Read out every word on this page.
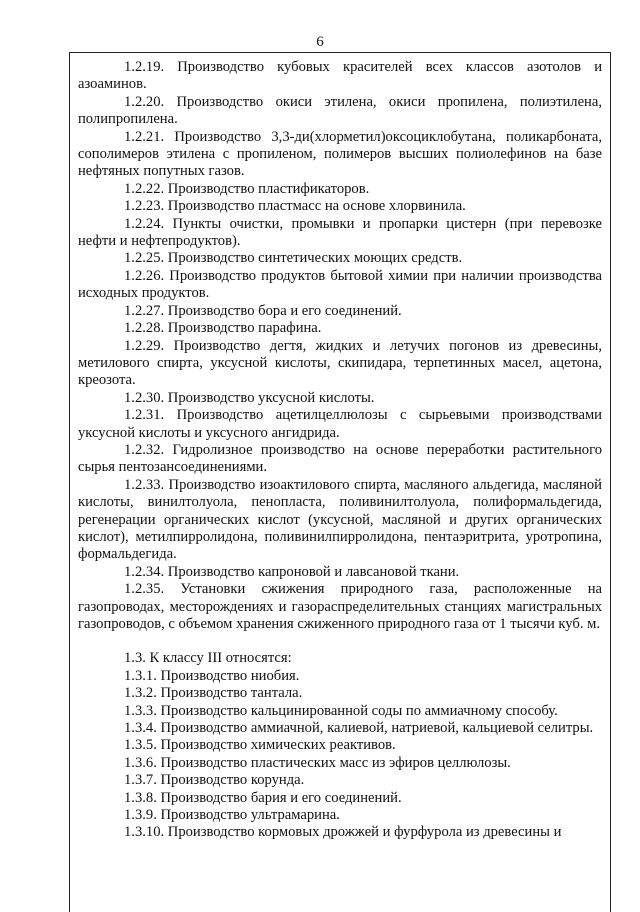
6

1.2.19. Производство кубовых красителей всех классов азотолов и азоаминов.

1.2.20. Производство окиси этилена, окиси пропилена, полиэтилена, полипропилена.

1.2.21. Производство 3,3-ди(хлорметил)оксоциклобутана, поликарбоната, сополимеров этилена с пропиленом, полимеров высших полиолефинов на базе нефтяных попутных газов.

1.2.22. Производство пластификаторов.

1.2.23. Производство пластмасс на основе хлорвинила.

1.2.24. Пункты очистки, промывки и пропарки цистерн (при перевозке нефти и нефтепродуктов).

1.2.25. Производство синтетических моющих средств.

1.2.26. Производство продуктов бытовой химии при наличии производства исходных продуктов.

1.2.27. Производство бора и его соединений.

1.2.28. Производство парафина.

1.2.29. Производство дегтя, жидких и летучих погонов из древесины, метилового спирта, уксусной кислоты, скипидара, терпетинных масел, ацетона, креозота.

1.2.30. Производство уксусной кислоты.

1.2.31. Производство ацетилцеллюлозы с сырьевыми производствами уксусной кислоты и уксусного ангидрида.

1.2.32. Гидролизное производство на основе переработки растительного сырья пентозансоединениями.

1.2.33. Производство изоактилового спирта, масляного альдегида, масляной кислоты, винилтолуола, пенопласта, поливинилтолуола, полиформальдегида, регенерации органических кислот (уксусной, масляной и других органических кислот), метилпирролидона, поливинилпирролидона, пентаэритрита, уротропина, формальдегида.

1.2.34. Производство капроновой и лавсановой ткани.

1.2.35. Установки сжижения природного газа, расположенные на газопроводах, месторождениях и газораспределительных станциях магистральных газопроводов, с объемом хранения сжиженного природного газа от 1 тысячи куб. м.

1.3. К классу III относятся:

1.3.1. Производство ниобия.

1.3.2. Производство тантала.

1.3.3. Производство кальцинированной соды по аммиачному способу.

1.3.4. Производство аммиачной, калиевой, натриевой, кальциевой селитры.

1.3.5. Производство химических реактивов.

1.3.6. Производство пластических масс из эфиров целлюлозы.

1.3.7. Производство корунда.

1.3.8. Производство бария и его соединений.

1.3.9. Производство ультрамарина.

1.3.10. Производство кормовых дрожжей и фурфурола из древесины и
